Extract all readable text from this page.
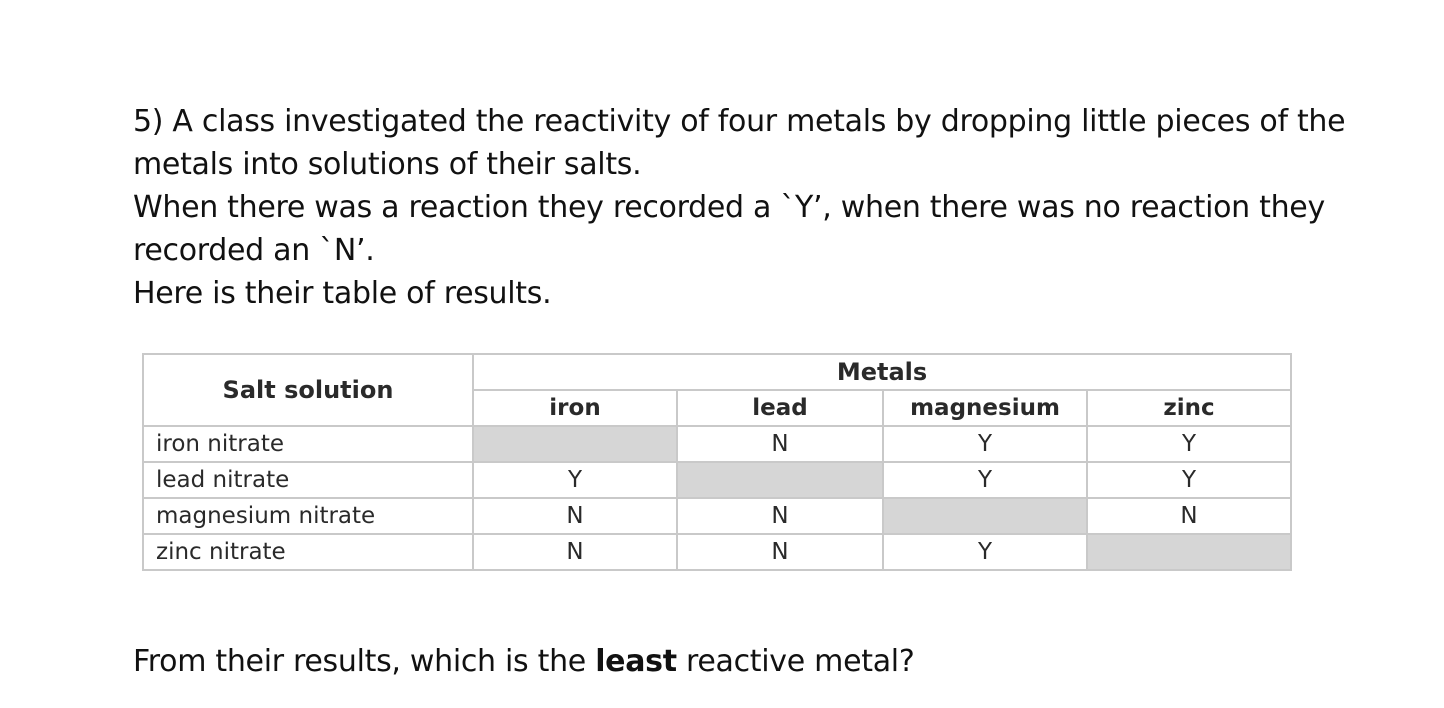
5) A class investigated the reactivity of four metals by dropping little pieces of the metals into solutions of their salts.

When there was a reaction they recorded a `Y’, when there was no reaction they recorded an `N’.

Here is their table of results.

Salt solution	Metals			
	iron	lead	magnesium	zinc
iron nitrate		N	Y	Y
lead nitrate	Y		Y	Y
magnesium nitrate	N	N		N
zinc nitrate	N	N	Y	

From their results, which is the least reactive metal?
